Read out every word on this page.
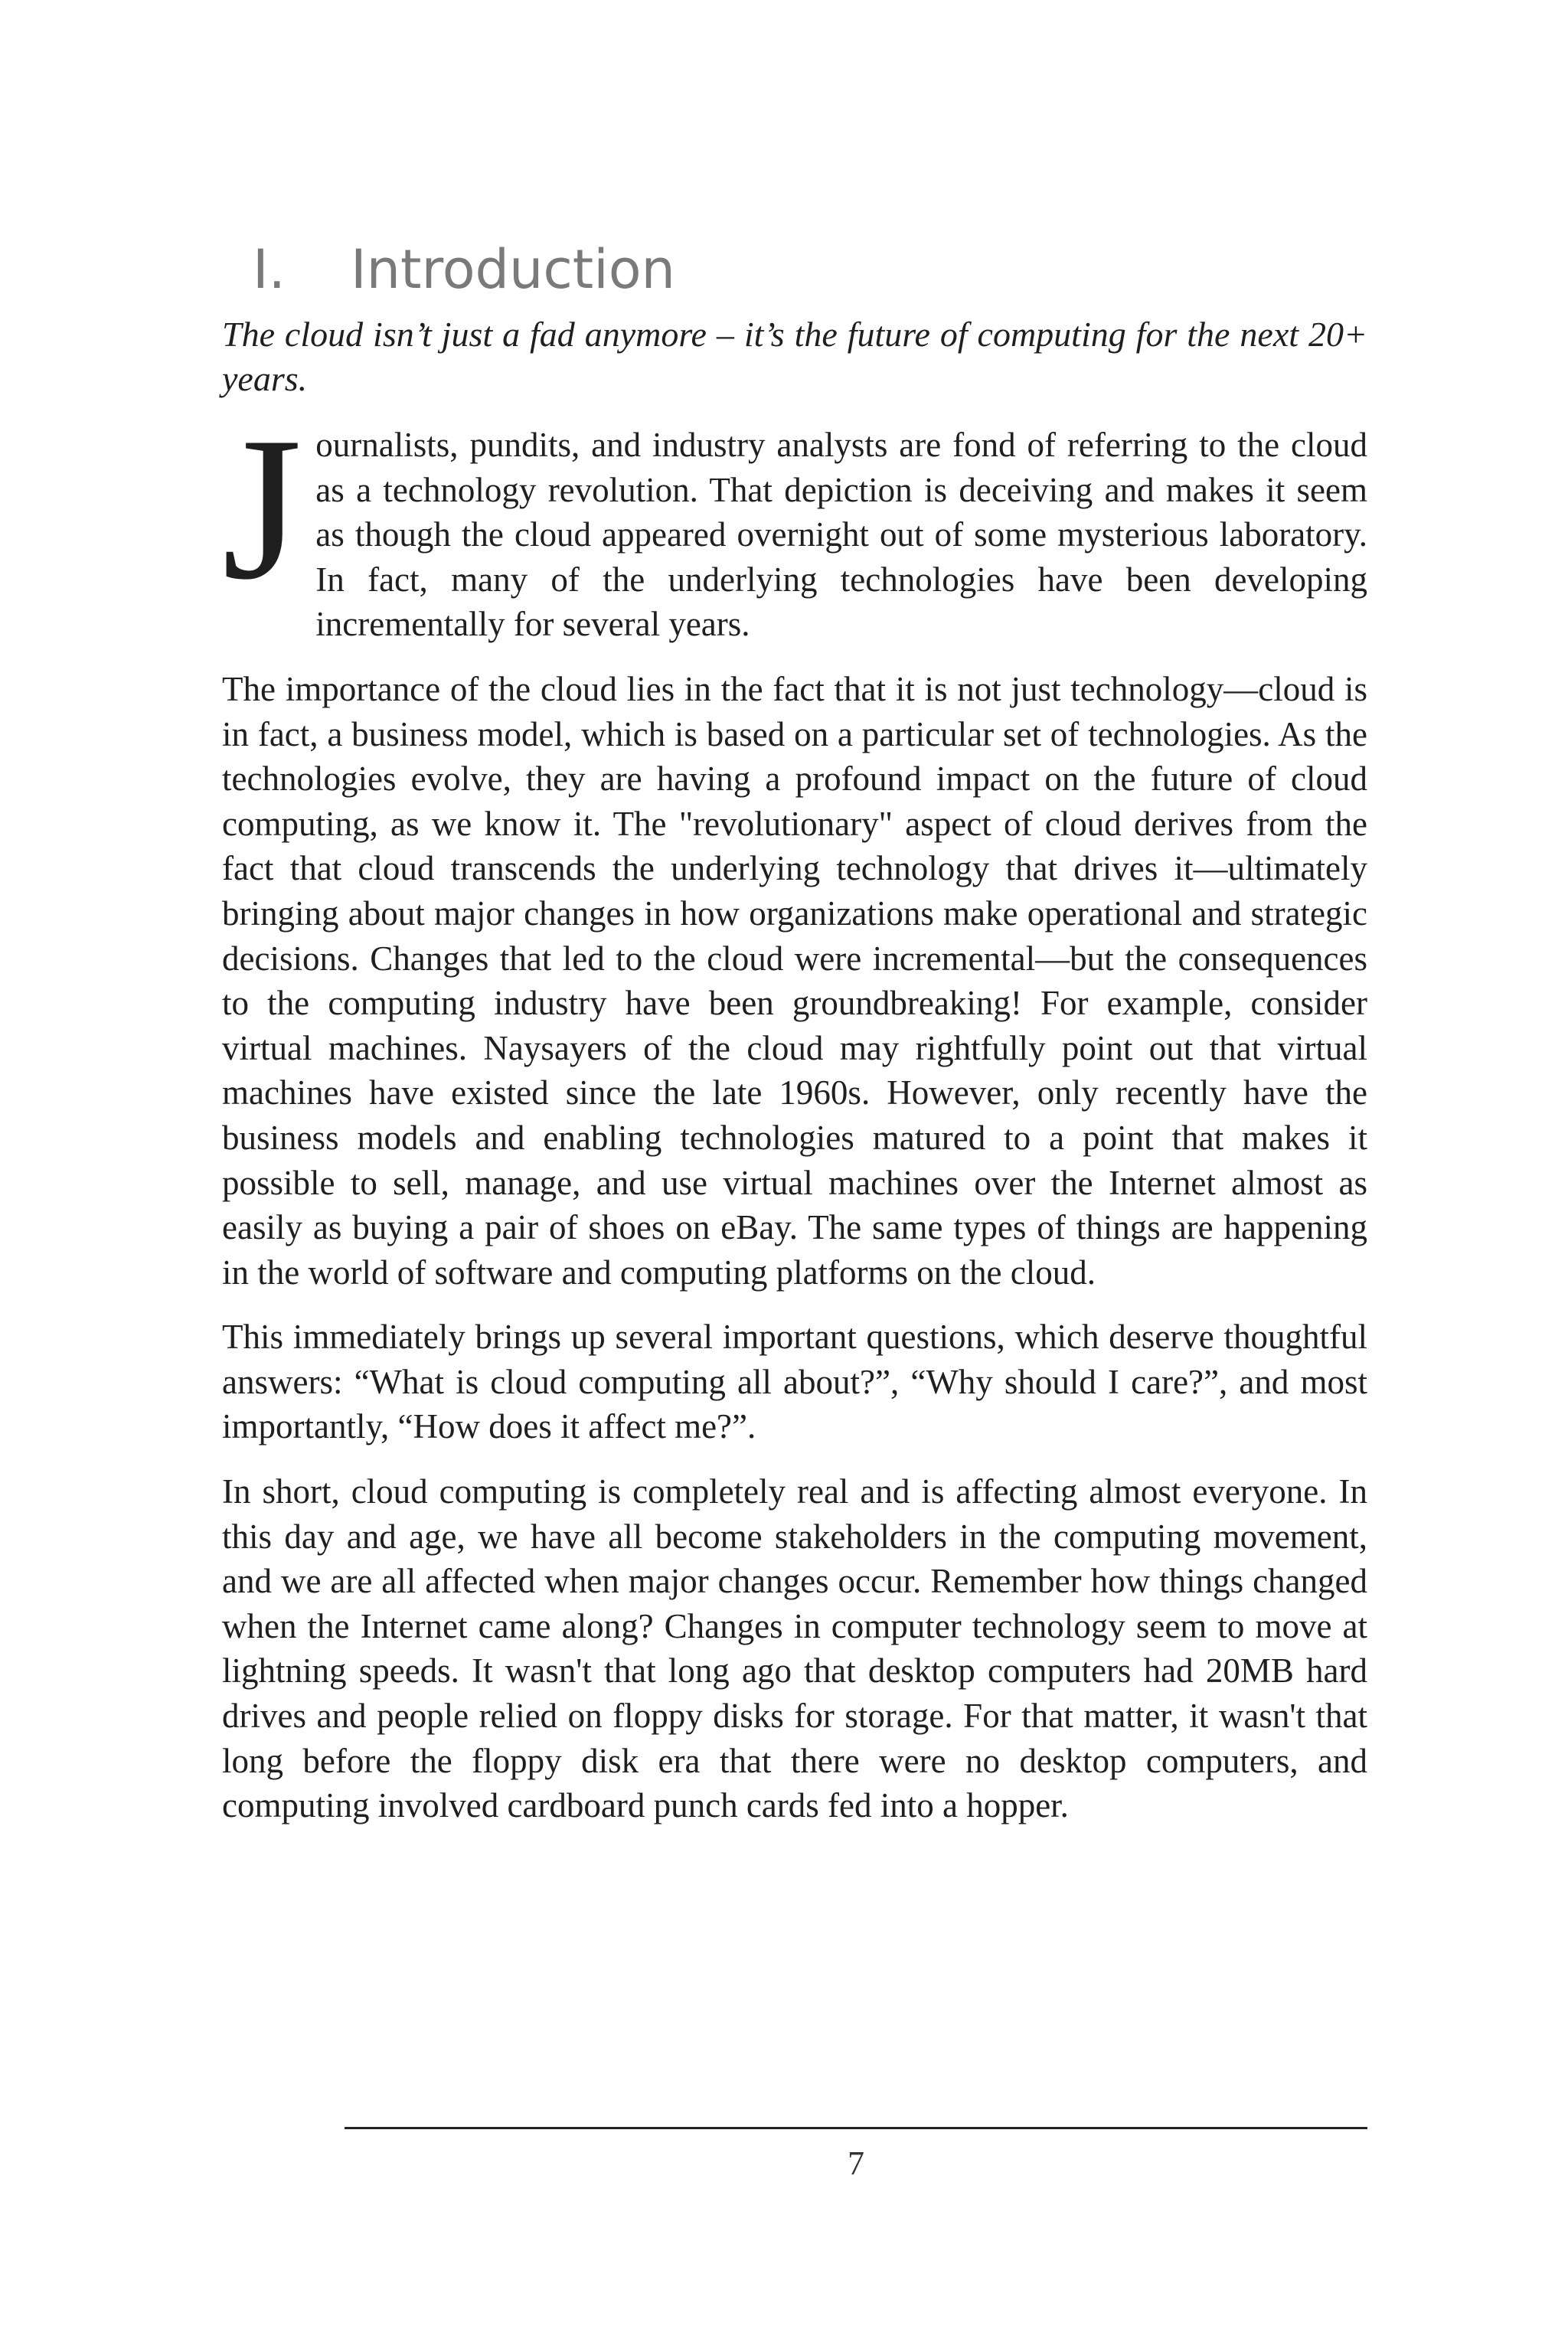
I.	Introduction

The cloud isn’t just a fad anymore – it’s the future of computing for the next 20+ years.

J ournalists, pundits, and industry analysts are fond of referring to the cloud as a technology revolution. That depiction is deceiving and makes it seem as though the cloud appeared overnight out of some mysterious laboratory. In fact, many of the underlying technologies have been developing incrementally for several years.

The importance of the cloud lies in the fact that it is not just technology—cloud is in fact, a business model, which is based on a particular set of technologies. As the technologies evolve, they are having a profound impact on the future of cloud computing, as we know it. The "revolutionary" aspect of cloud derives from the fact that cloud transcends the underlying technology that drives it—ultimately bringing about major changes in how organizations make operational and strategic decisions. Changes that led to the cloud were incremental—but the consequences to the computing industry have been groundbreaking! For example, consider virtual machines. Naysayers of the cloud may rightfully point out that virtual machines have existed since the late 1960s. However, only recently have the business models and enabling technologies matured to a point that makes it possible to sell, manage, and use virtual machines over the Internet almost as easily as buying a pair of shoes on eBay. The same types of things are happening in the world of software and computing platforms on the cloud.

This immediately brings up several important questions, which deserve thoughtful answers: “What is cloud computing all about?”, “Why should I care?”, and most importantly, “How does it affect me?”.

In short, cloud computing is completely real and is affecting almost everyone. In this day and age, we have all become stakeholders in the computing movement, and we are all affected when major changes occur. Remember how things changed when the Internet came along? Changes in computer technology seem to move at lightning speeds. It wasn't that long ago that desktop computers had 20MB hard drives and people relied on floppy disks for storage. For that matter, it wasn't that long before the floppy disk era that there were no desktop computers, and computing involved cardboard punch cards fed into a hopper.

7
